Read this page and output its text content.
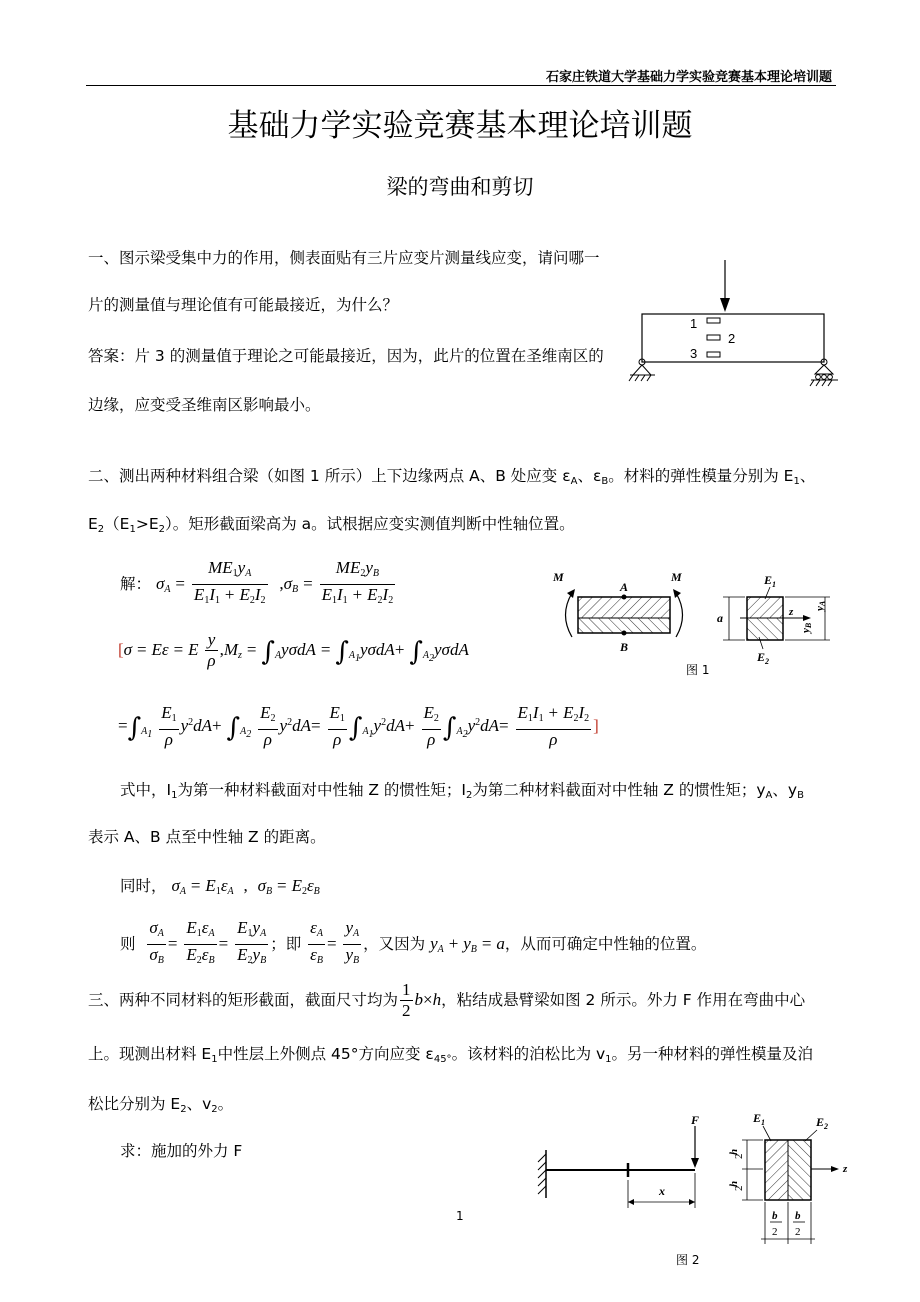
石家庄铁道大学基础力学实验竞赛基本理论培训题
基础力学实验竞赛基本理论培训题
梁的弯曲和剪切
一、图示梁受集中力的作用，侧表面贴有三片应变片测量线应变，请问哪一
片的测量值与理论值有可能最接近，为什么？
答案：片 3 的测量值于理论之可能最接近，因为，此片的位置在圣维南区的
边缘，应变受圣维南区影响最小。
1
2
3
二、测出两种材料组合梁（如图 1 所示）上下边缘两点 A、B 处应变 $\varepsilon_A$、$\varepsilon_B$。材料的弹性模量分别为 $E_1$、
$E_2(E_1>E_2)$。矩形截面梁高为 a。试根据应变实测值判断中性轴位置。
解： $\sigma_A = \frac{ME_1y_A}{E_1I_1 + E_2I_2} ,\sigma_B = \frac{ME_2y_B}{E_1I_1 + E_2I_2}$
[σ = Eε = E $\frac{y}{\rho} ,M_z = \int_Ay\sigma dA = \int_{A_1}y\sigma dA+ \int_{A_2}y\sigma dA$
$=\int_{A_1} \frac{E_1}{\rho} y^2dA+ \int_{A_2} \frac{E_2}{\rho} y^2dA= \frac{E_1}{\rho} \int_{A_1}y^2dA+ \frac{E_2}{\rho} \int_{A_2}y^2dA= \frac{E_1I_1 + E_2I_2}{\rho}$ ]
式中，$I_1$为第一种材料截面对中性轴 Z 的惯性矩；$I_2$为第二种材料截面对中性轴 Z 的惯性矩；$y_A$、$y_B$
表示 A、B 点至中性轴 Z 的距离。
同时， $\sigma_A = E_1\varepsilon_A$ , $\sigma_B = E_2\varepsilon_B$
则 $\frac{\sigma_A}{\sigma_B} = \frac{E_1\varepsilon_A}{E_2\varepsilon_B} = \frac{E_1y_A}{E_2y_B}$ ；即 $\frac{\varepsilon_A}{\varepsilon_B} = \frac{y_A}{y_B}$ ，又因为 $y_A + y_B = a$，从而可确定中性轴的位置。
A
B
M	M
z
$E_1$
$E_2$
a
yA
yB
图 1
三、两种不同材料的矩形截面，截面尺寸均为 $\frac{1}{2} b\times h$，粘结成悬臂梁如图 2 所示。外力 F 作用在弯曲中心
上。现测出材料 $E_1$中性层上外侧点 45°方向应变 $\varepsilon_{45^\circ}$。该材料的泊松比为 $v_1$。另一种材料的弹性模量及泊
松比分别为 $E_2$、$v_2$。
求：施加的外力 F
F
x
z
$E_1$	$E_2$
h
2
h
2
b
2
b
2
图 2
1
